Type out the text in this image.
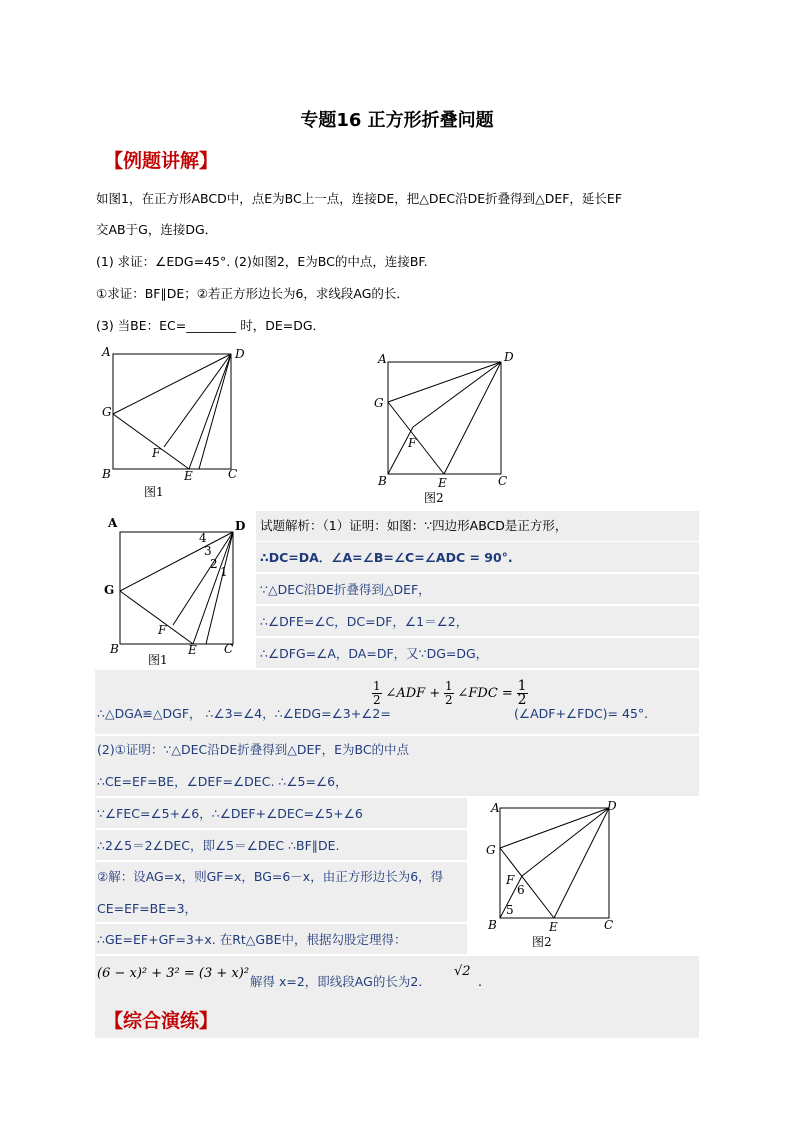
专题16 正方形折叠问题
【例题讲解】
如图1，在正方形ABCD中，点E为BC上一点，连接DE，把△DEC沿DE折叠得到△DEF，延长EF
交AB于G，连接DG．
(1) 求证：∠EDG=45°. (2)如图2，E为BC的中点，连接BF.
①求证：BF∥DE；②若正方形边长为6，求线段AG的长．
(3) 当BE：EC=________ 时，DE=DG．
A	D
G
F
B	E	C
图1
A	D
G
F
B	E	C
图2
A	D
G
F
B	E C
4
3
2
1
图1
试题解析：（1）证明：如图：∵四边形ABCD是正方形，
∴DC=DA．∠A=∠B=∠C=∠ADC = 90°.
∵△DEC沿DE折叠得到△DEF，
∴∠DFE=∠C，DC=DF，∠1＝∠2，
∴∠DFG=∠A，DA=DF，又∵DG=DG，
∴△DGA≌△DGF， ∴∠3=∠4，∴∠EDG=∠3+∠2=
$\frac{1}{2}$ ∠ADF + $\frac{1}{2}$ ∠FDC = $\frac{1}{2}$
(∠ADF+∠FDC)= 45°.
(2)①证明：∵△DEC沿DE折叠得到△DEF，E为BC的中点
∴CE=EF=BE，∠DEF=∠DEC. ∴∠5=∠6，
∵∠FEC=∠5+∠6，∴∠DEF+∠DEC=∠5+∠6
∴2∠5＝2∠DEC，即∠5＝∠DEC ∴BF∥DE.
②解：设AG=x，则GF=x，BG=6－x，由正方形边长为6，得
CE=EF=BE=3，
∴GE=EF+GF=3+x. 在Rt△GBE中，根据勾股定理得：
A	D
G
F
6
5
B	E	C
图2
(6 − x)² + 3² = (3 + x)²
解得 x=2，即线段AG的长为2.
√2
.
【综合演练】
